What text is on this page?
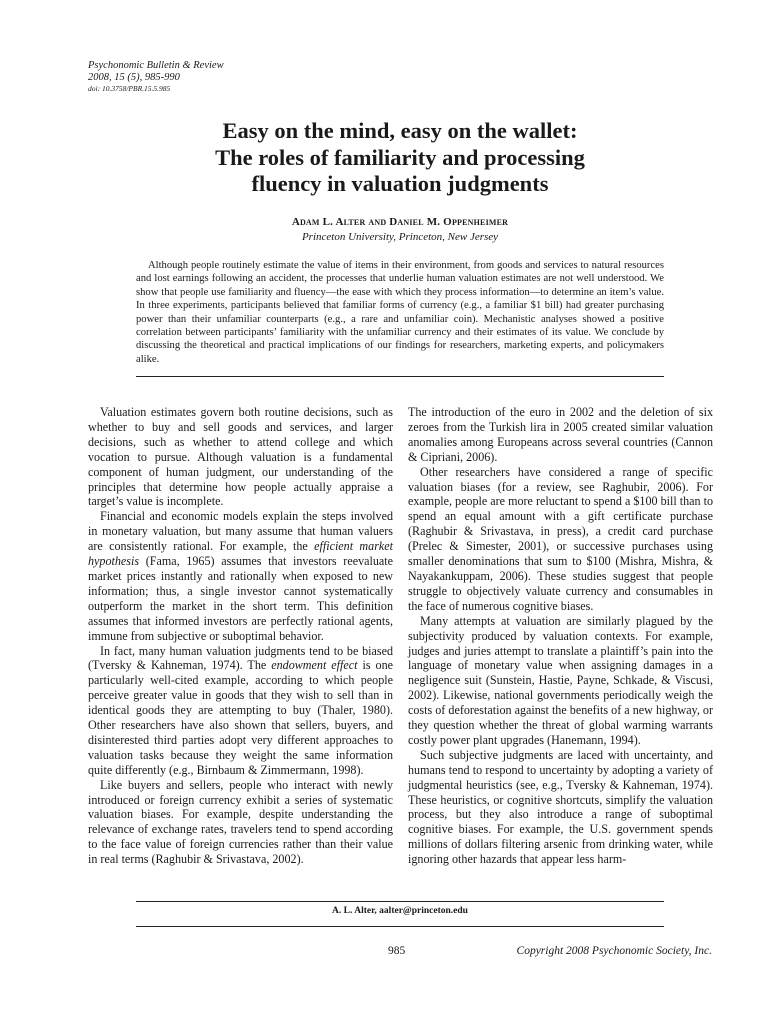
Psychonomic Bulletin & Review
2008, 15 (5), 985-990
doi: 10.3758/PBR.15.5.985
Easy on the mind, easy on the wallet:
The roles of familiarity and processing
fluency in valuation judgments
Adam L. Alter and Daniel M. Oppenheimer
Princeton University, Princeton, New Jersey

Although people routinely estimate the value of items in their environment, from goods and services to natural resources and lost earnings following an accident, the processes that underlie human valuation estimates are not well understood. We show that people use familiarity and fluency—the ease with which they process information—to determine an item’s value. In three experiments, participants believed that familiar forms of currency (e.g., a familiar $1 bill) had greater purchasing power than their unfamiliar counterparts (e.g., a rare and unfamiliar coin). Mechanistic analyses showed a positive correlation between participants’ familiarity with the unfamiliar currency and their estimates of its value. We conclude by discussing the theoretical and practical implications of our findings for researchers, marketing experts, and policymakers alike.

Valuation estimates govern both routine decisions, such as whether to buy and sell goods and services, and larger decisions, such as whether to attend college and which vocation to pursue. Although valuation is a fundamental component of human judgment, our understanding of the principles that determine how people actually appraise a target’s value is incomplete.

Financial and economic models explain the steps involved in monetary valuation, but many assume that human valuers are consistently rational. For example, the efficient market hypothesis (Fama, 1965) assumes that investors reevaluate market prices instantly and rationally when exposed to new information; thus, a single investor cannot systematically outperform the market in the short term. This definition assumes that informed investors are perfectly rational agents, immune from subjective or suboptimal behavior.

In fact, many human valuation judgments tend to be biased (Tversky & Kahneman, 1974). The endowment effect is one particularly well-cited example, according to which people perceive greater value in goods that they wish to sell than in identical goods they are attempting to buy (Thaler, 1980). Other researchers have also shown that sellers, buyers, and disinterested third parties adopt very different approaches to valuation tasks because they weight the same information quite differently (e.g., Birnbaum & Zimmermann, 1998).

Like buyers and sellers, people who interact with newly introduced or foreign currency exhibit a series of systematic valuation biases. For example, despite understanding the relevance of exchange rates, travelers tend to spend according to the face value of foreign currencies rather than their value in real terms (Raghubir & Srivastava, 2002).

The introduction of the euro in 2002 and the deletion of six zeroes from the Turkish lira in 2005 created similar valuation anomalies among Europeans across several countries (Cannon & Cipriani, 2006).

Other researchers have considered a range of specific valuation biases (for a review, see Raghubir, 2006). For example, people are more reluctant to spend a $100 bill than to spend an equal amount with a gift certificate purchase (Raghubir & Srivastava, in press), a credit card purchase (Prelec & Simester, 2001), or successive purchases using smaller denominations that sum to $100 (Mishra, Mishra, & Nayakankuppam, 2006). These studies suggest that people struggle to objectively valuate currency and consumables in the face of numerous cognitive biases.

Many attempts at valuation are similarly plagued by the subjectivity produced by valuation contexts. For example, judges and juries attempt to translate a plaintiff’s pain into the language of monetary value when assigning damages in a negligence suit (Sunstein, Hastie, Payne, Schkade, & Viscusi, 2002). Likewise, national governments periodically weigh the costs of deforestation against the benefits of a new highway, or they question whether the threat of global warming warrants costly power plant upgrades (Hanemann, 1994).

Such subjective judgments are laced with uncertainty, and humans tend to respond to uncertainty by adopting a variety of judgmental heuristics (see, e.g., Tversky & Kahneman, 1974). These heuristics, or cognitive shortcuts, simplify the valuation process, but they also introduce a range of suboptimal cognitive biases. For example, the U.S. government spends millions of dollars filtering arsenic from drinking water, while ignoring other hazards that appear less harm-

A. L. Alter, aalter@princeton.edu
985	Copyright 2008 Psychonomic Society, Inc.
